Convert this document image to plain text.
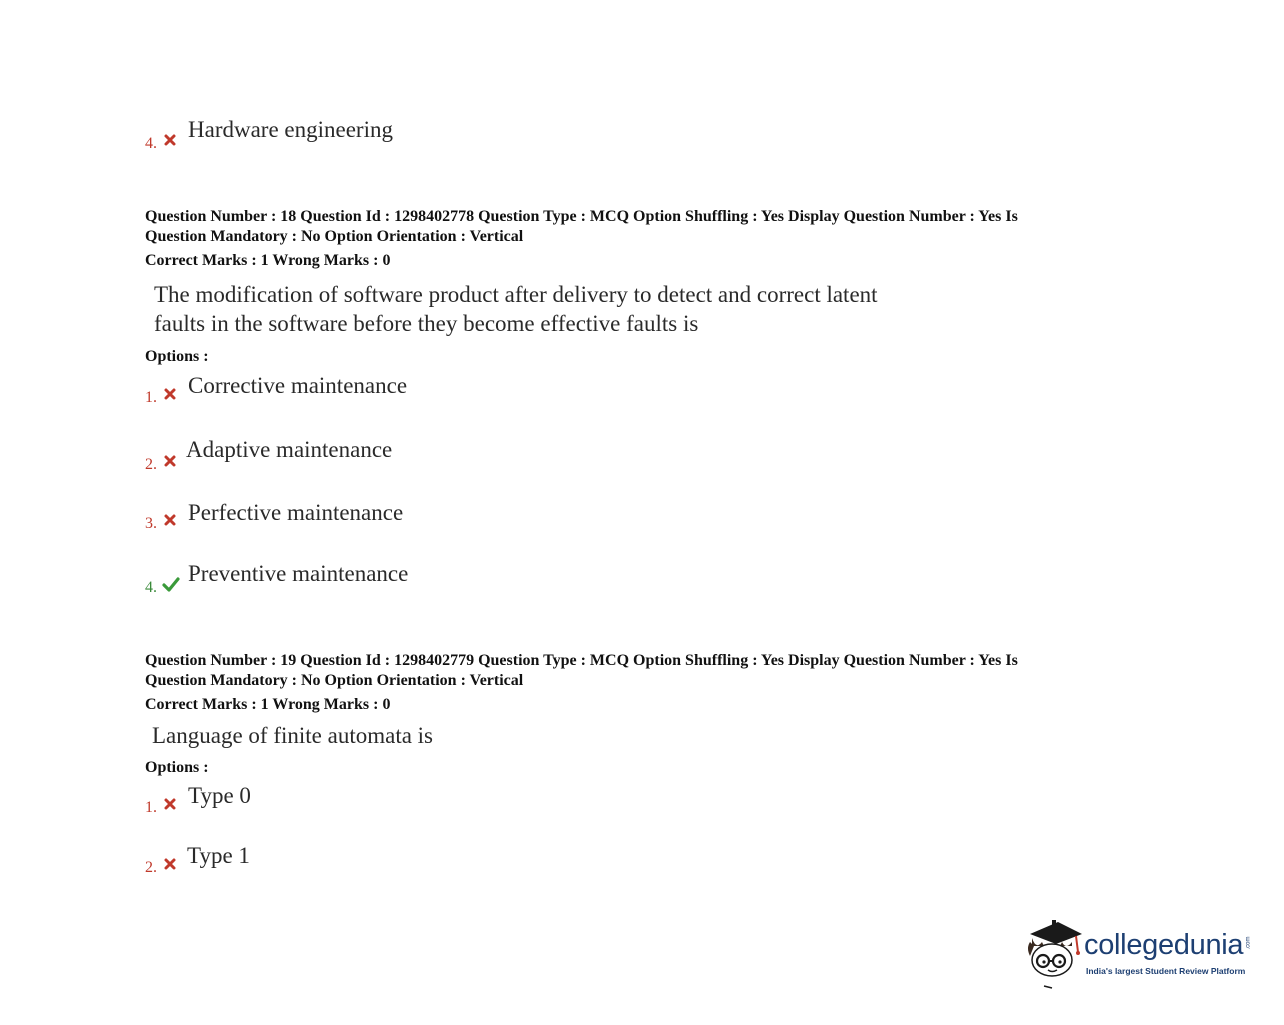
4.
Hardware engineering
Question Number : 18 Question Id : 1298402778 Question Type : MCQ Option Shuffling : Yes Display Question Number : Yes Is
Question Mandatory : No Option Orientation : Vertical
Correct Marks : 1 Wrong Marks : 0
The modification of software product after delivery to detect and correct latent
faults in the software before they become effective faults is
Options :
1. Corrective maintenance
2.
Adaptive maintenance
3. Perfective maintenance
4.
Preventive maintenance
Question Number : 19 Question Id : 1298402779 Question Type : MCQ Option Shuffling : Yes Display Question Number : Yes Is
Question Mandatory : No Option Orientation : Vertical
Correct Marks : 1 Wrong Marks : 0
Language of finite automata is
Options :
1. Type 0
2. Type 1
collegedunia .com
India's largest Student Review Platform
